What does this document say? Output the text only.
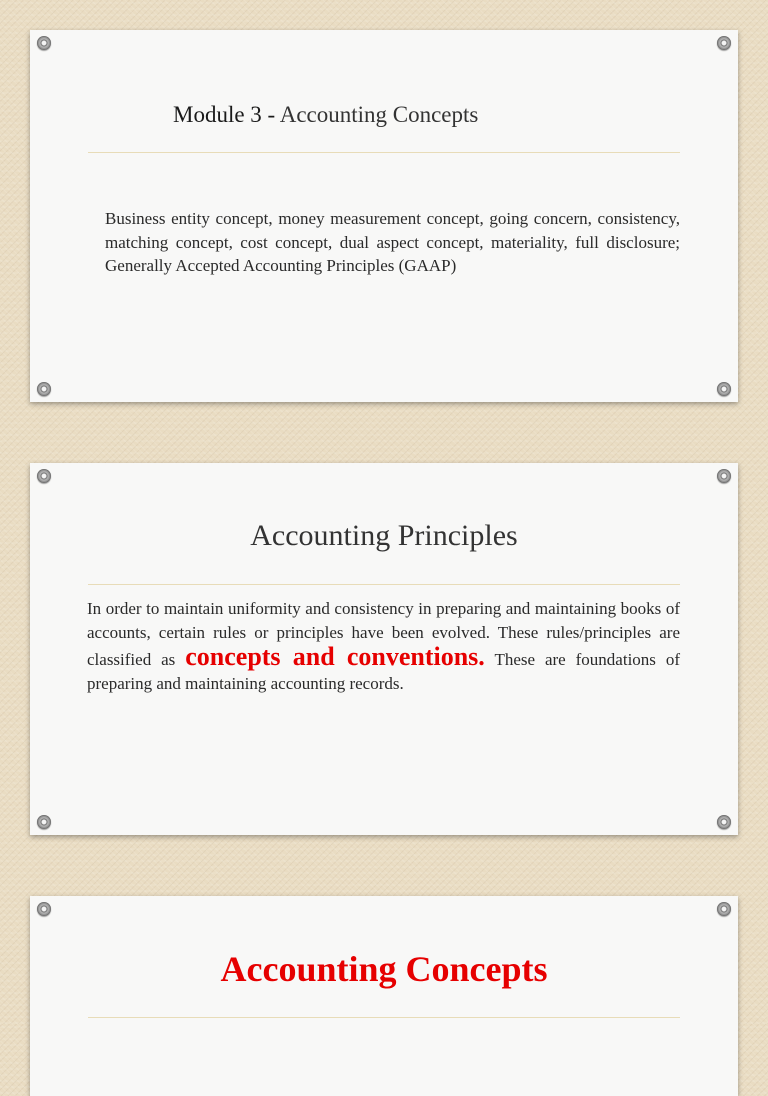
Module 3 - Accounting Concepts
Business entity concept, money measurement concept, going concern, consistency, matching concept, cost concept, dual aspect concept, materiality, full disclosure; Generally Accepted Accounting Principles (GAAP)
Accounting Principles
In order to maintain uniformity and consistency in preparing and maintaining books of accounts, certain rules or principles have been evolved. These rules/principles are classified as concepts and conventions. These are foundations of preparing and maintaining accounting records.
Accounting Concepts
